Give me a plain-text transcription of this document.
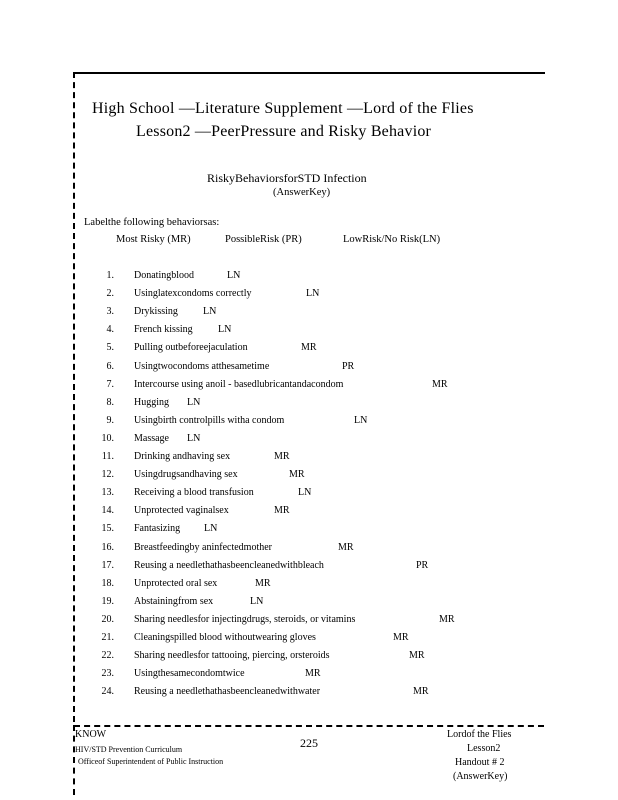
High School —Literature Supplement —Lord of the Flies
Lesson2 —PeerPressure and Risky Behavior
RiskyBehaviorsforSTD Infection
(AnswerKey)
Labelthe following behaviorsas:
Most Risky (MR)	PossibleRisk (PR)	LowRisk/No Risk(LN)
1. Donatingblood	LN
2. Usinglatexcondoms correctly	LN
3. Drykissing	LN
4. French kissing	LN
5. Pulling outbeforeejaculation	MR
6. Usingtwocondoms atthesametime	PR
7. Intercourse using anoil - basedlubricantandacondom	MR
8. Hugging LN
9. Usingbirth controlpills witha condom	LN
10. Massage LN
11. Drinking andhaving sex	MR
12. Usingdrugsandhaving sex	MR
13. Receiving a blood transfusion	LN
14. Unprotected vaginalsex	MR
15. Fantasizing LN
16. Breastfeedingby aninfectedmother	MR
17. Reusing a needlethathasbeencleanedwithbleach	PR
18. Unprotected oral sex	MR
19. Abstainingfrom sex	LN
20. Sharing needlesfor injectingdrugs, steroids, or vitamins	MR
21. Cleaningspilled blood withoutwearing gloves	MR
22. Sharing needlesfor tattooing, piercing, orsteroids	MR
23. Usingthesamecondomtwice	MR
24. Reusing a needlethathasbeencleanedwithwater	MR
KNOW
HIV/STD Prevention Curriculum
Officeof Superintendent of Public Instruction
225
Lordof the Flies
Lesson2
Handout # 2
(AnswerKey)
